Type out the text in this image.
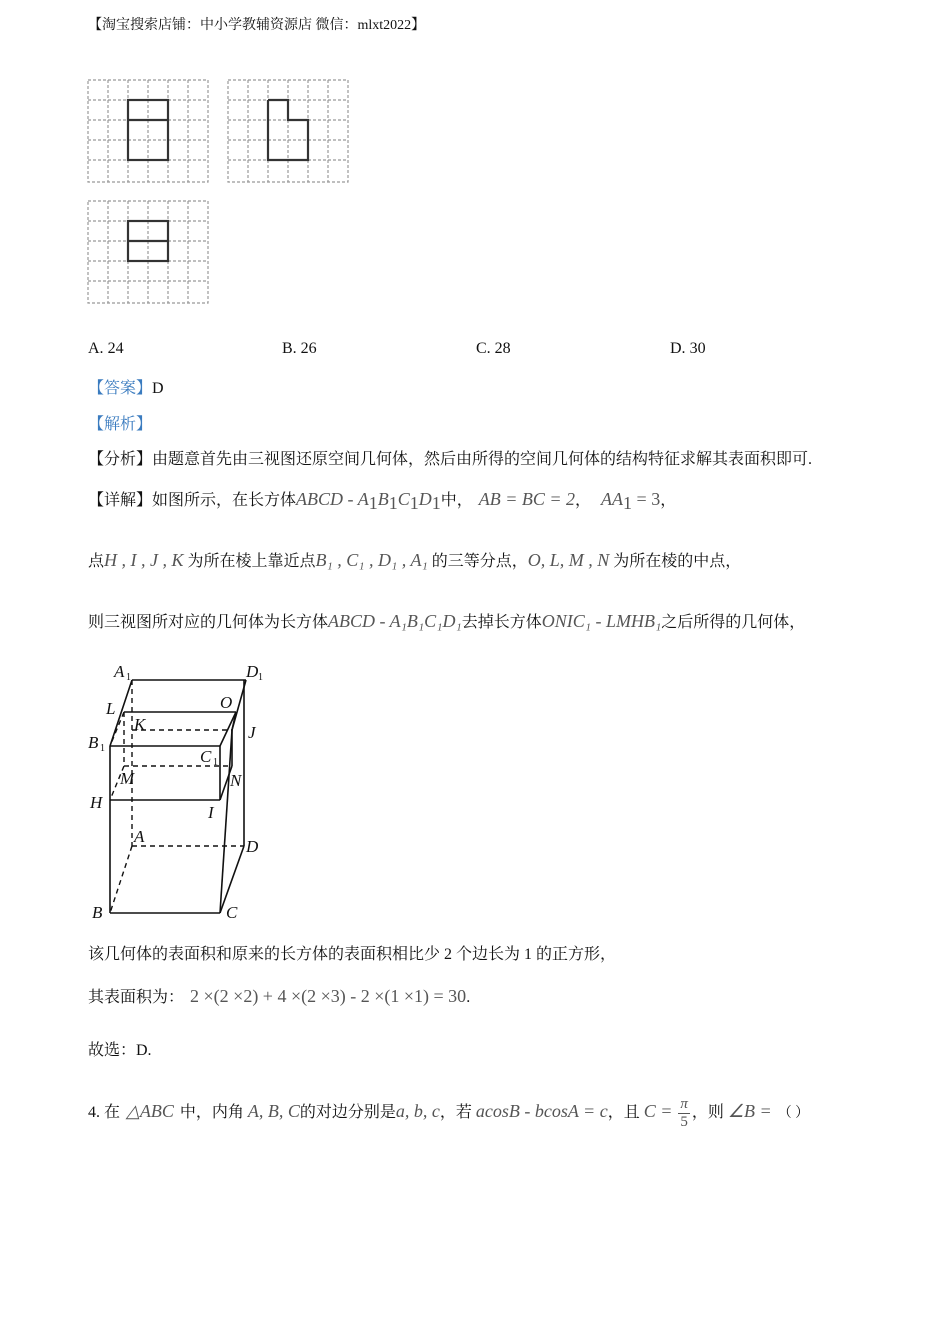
【淘宝搜索店铺：中小学教辅资源店 微信：mlxt2022】
A. 24	B. 26	C. 28	D. 30
【答案】D
【解析】
【分析】由题意首先由三视图还原空间几何体，然后由所得的空间几何体的结构特征求解其表面积即可.
【详解】如图所示，在长方体ABCD - $A_1B_1C_1D_1$中， AB = BC = 2， $AA_1 = 3$，
点H , I , J , K 为所在棱上靠近点B₁ , C₁ , D₁ , A₁ 的三等分点，O, L, M , N 为所在棱的中点，
则三视图所对应的几何体为长方体ABCD - A₁B₁C₁D₁去掉长方体ONIC₁ - LMHB₁之后所得的几何体，
A 1	D 1
L	O
K	J
B 1	C 1
M	N
H
I
A
D
B	C
该几何体的表面积和原来的长方体的表面积相比少 2 个边长为 1 的正方形，
其表面积为： 2 ×(2 ×2) + 4 ×(2 ×3) - 2 ×(1 ×1) = 30.
故选：D.
4. 在 △ABC 中，内角 A, B, C的对边分别是a, b, c，若 acosB - bcosA = c，且 $C = \frac{\pi}{5}$ ，则 ∠B = （ ）
